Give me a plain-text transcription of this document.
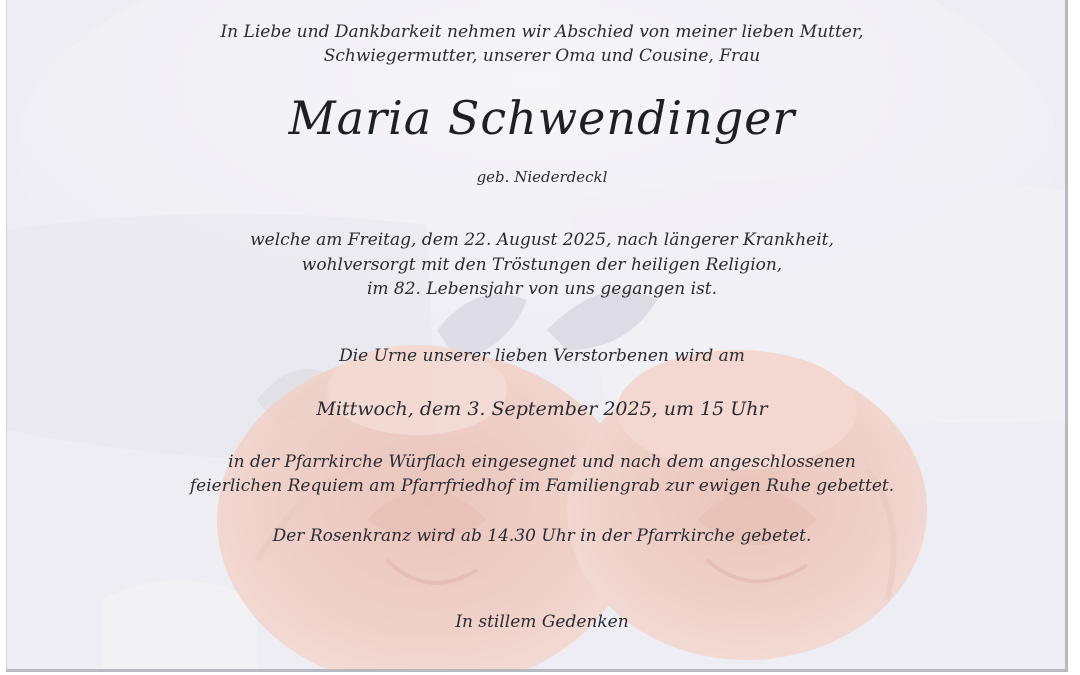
In Liebe und Dankbarkeit nehmen wir Abschied von meiner lieben Mutter,
Schwiegermutter, unserer Oma und Cousine, Frau
Maria Schwendinger
geb. Niederdeckl
welche am Freitag, dem 22. August 2025, nach längerer Krankheit,
wohlversorgt mit den Tröstungen der heiligen Religion,
im 82. Lebensjahr von uns gegangen ist.
Die Urne unserer lieben Verstorbenen wird am
Mittwoch, dem 3. September 2025, um 15 Uhr
in der Pfarrkirche Würflach eingesegnet und nach dem angeschlossenen
feierlichen Requiem am Pfarrfriedhof im Familiengrab zur ewigen Ruhe gebettet.
Der Rosenkranz wird ab 14.30 Uhr in der Pfarrkirche gebetet.
In stillem Gedenken
